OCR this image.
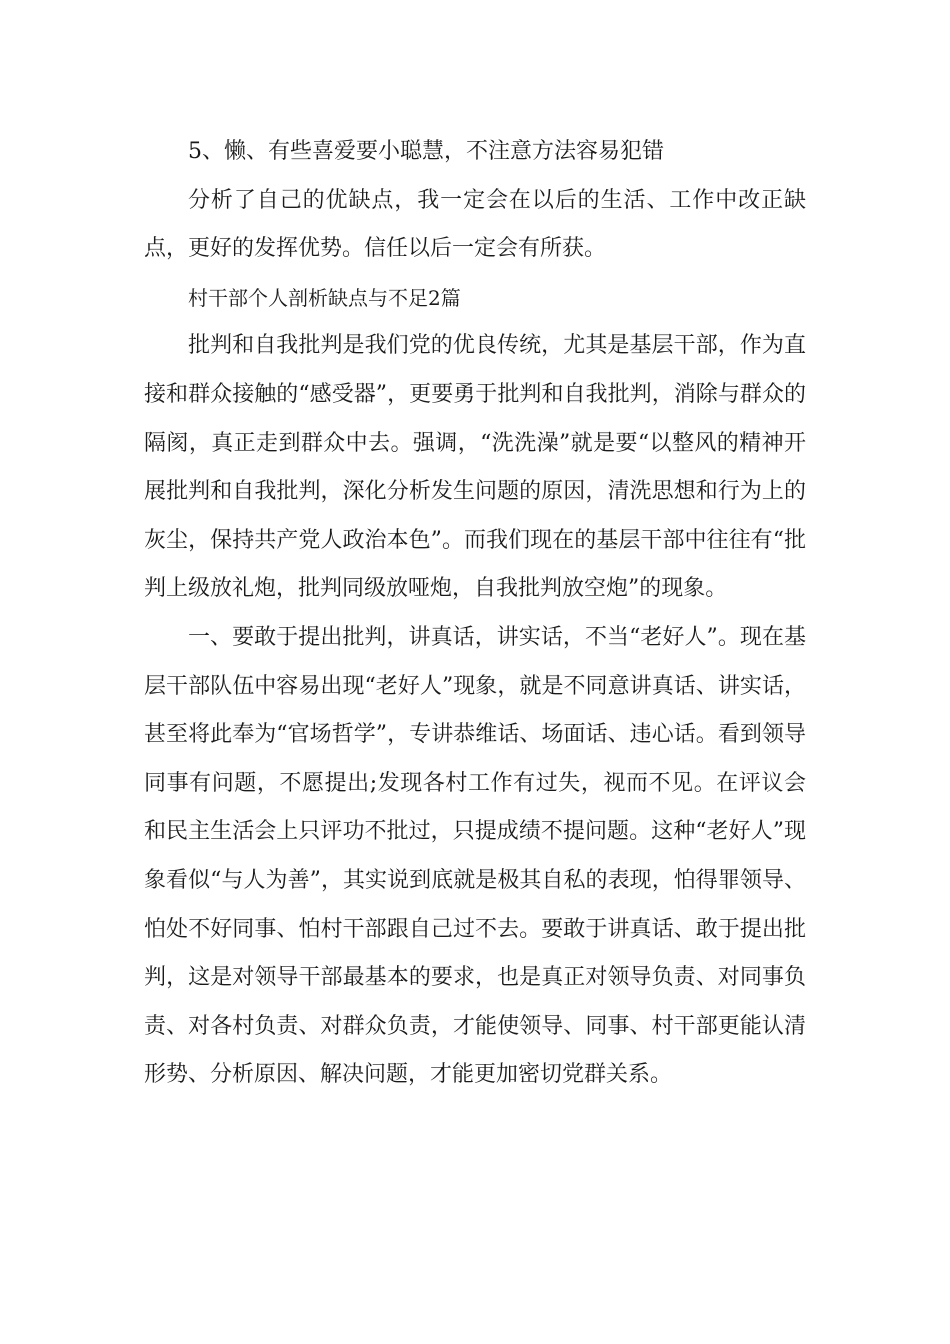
5、懒、有些喜爱要小聪慧，不注意方法容易犯错

分析了自己的优缺点，我一定会在以后的生活、工作中改正缺点，更好的发挥优势。信任以后一定会有所获。

村干部个人剖析缺点与不足2篇

批判和自我批判是我们党的优良传统，尤其是基层干部，作为直接和群众接触的“感受器”，更要勇于批判和自我批判，消除与群众的隔阂，真正走到群众中去。强调，“洗洗澡”就是要“以整风的精神开展批判和自我批判，深化分析发生问题的原因，清洗思想和行为上的灰尘，保持共产党人政治本色”。而我们现在的基层干部中往往有“批判上级放礼炮，批判同级放哑炮，自我批判放空炮”的现象。

一、要敢于提出批判，讲真话，讲实话，不当“老好人”。现在基层干部队伍中容易出现“老好人”现象，就是不同意讲真话、讲实话，甚至将此奉为“官场哲学”，专讲恭维话、场面话、违心话。看到领导同事有问题，不愿提出;发现各村工作有过失，视而不见。在评议会和民主生活会上只评功不批过，只提成绩不提问题。这种“老好人”现象看似“与人为善”，其实说到底就是极其自私的表现，怕得罪领导、怕处不好同事、怕村干部跟自己过不去。要敢于讲真话、敢于提出批判，这是对领导干部最基本的要求，也是真正对领导负责、对同事负责、对各村负责、对群众负责，才能使领导、同事、村干部更能认清形势、分析原因、解决问题，才能更加密切党群关系。
